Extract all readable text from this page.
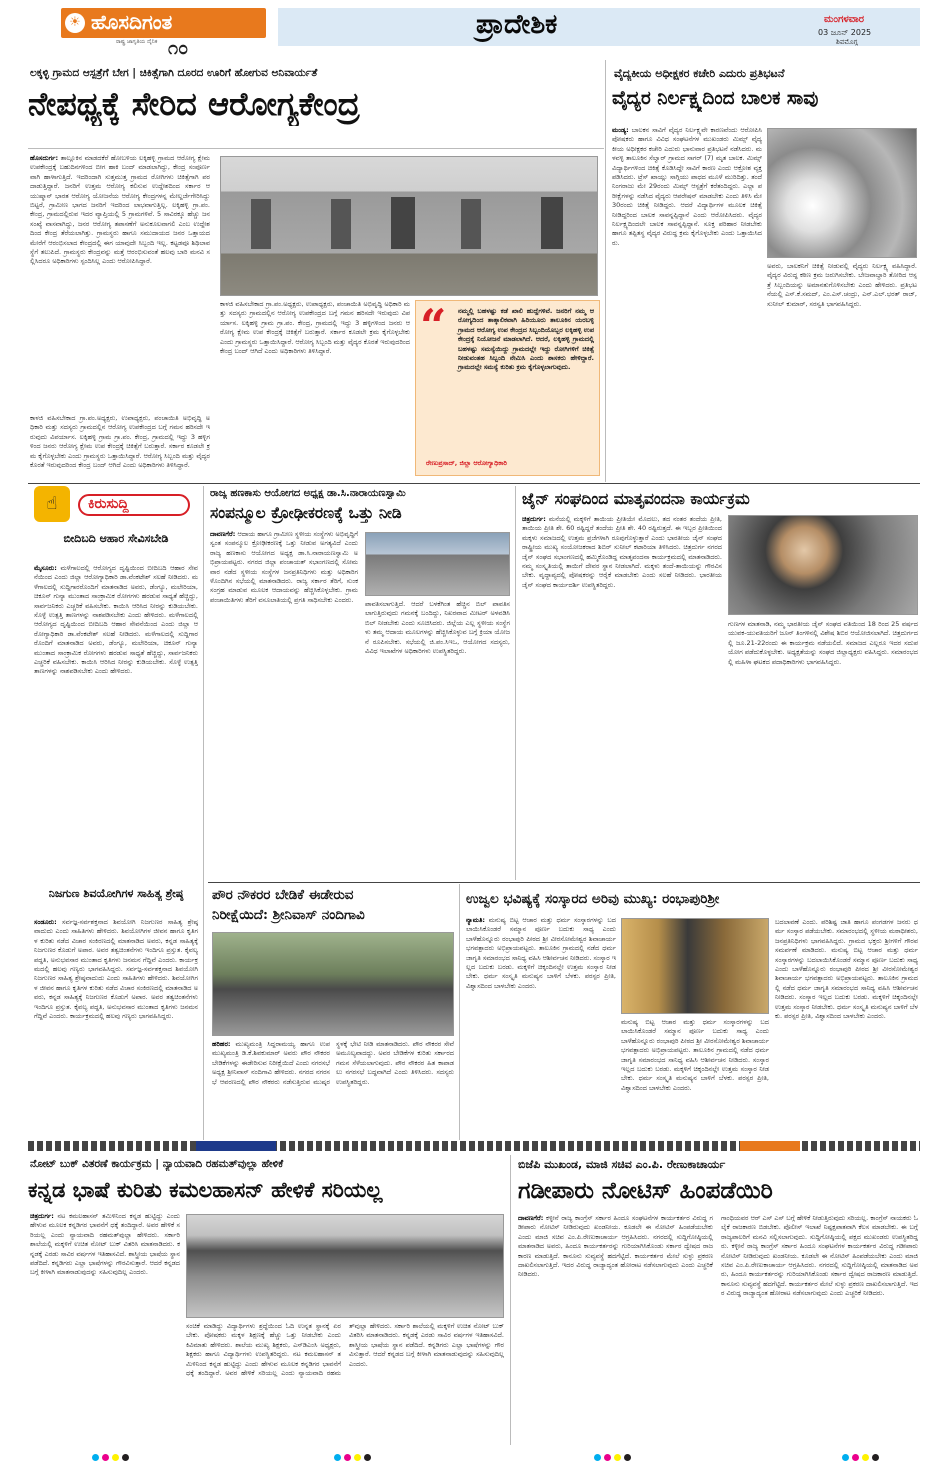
☀ ಹೊಸದಿಗಂತ
ರಾಷ್ಟ್ರ ಜಾಗೃತಿಯ ದೈನಿಕ ೧೦
ಪ್ರಾದೇಶಿಕ	ಮಂಗಳವಾರ
03 ಜೂನ್ 2025
ಶಿವಮೊಗ್ಗ
ಲಕ್ಕಳ್ಳಿ ಗ್ರಾಮದ ಆಸ್ಪತ್ರೆಗೆ ಬೇಗ | ಚಿಕಿತ್ಸೆಗಾಗಿ ದೂರದ ಊರಿಗೆ ಹೋಗುವ ಅನಿವಾರ್ಯತೆ
ನೇಪಥ್ಯಕ್ಕೆ ಸೇರಿದ ಆರೋಗ್ಯಕೇಂದ್ರ
ಹೊಸದುರ್ಗ: ತಾಲ್ಲೂಕಿನ ಮಾಡದಕೆರೆ ಹೋಬಳಿಯ ಲಕ್ಕಿಹಳ್ಳಿ ಗ್ರಾಮದ ಆರೋಗ್ಯ ಕ್ಷೇಮ ಉಪಕೇಂದ್ರಕ್ಕೆ ಬಹುದಿನಗಳಿಂದ ಬೀಗ ಹಾಕಿ ಬಂದ್ ಮಾಡಲಾಗಿದ್ದು, ಕೇಂದ್ರ ಸಂಪೂರ್ಣವಾಗಿ ಹಾಳಾಗುತ್ತಿದೆ. ಇದರಿಂದಾಗಿ ಸುತ್ತಮುತ್ತ ಗ್ರಾಮದ ರೋಗಿಗಳು ಚಿಕಿತ್ಸೆಗಾಗಿ ಪರದಾಡುತ್ತಿದ್ದಾರೆ. ಜನರಿಗೆ ಉತ್ತಮ ಆರೋಗ್ಯ ಕಲಿಸುವ ಉದ್ದೇಶದಿಂದ ಸರ್ಕಾರ ಆಯುಷ್ಮಾನ್ ಭಾರತ ಆರೋಗ್ಯ ಯೋಜನೆಯ ಆರೋಗ್ಯ ಕೇಂದ್ರಗಳನ್ನ ಮೇಲ್ದರ್ಜೆಗೇರಿಸಿದ್ದು ಬಿಟ್ಟರೆ, ಗ್ರಾಮೀಣ ಭಾಗದ ಜನರಿಗೆ ಇದರಿಂದ ಲಾಭವಾಗುತ್ತಿಲ್ಲ. ಲಕ್ಕಿಹಳ್ಳಿ ಗ್ರಾ.ಪಂ. ಕೇಂದ್ರ, ಗ್ರಾಮದಲ್ಲಿರುವ ಇದರ ವ್ಯಾಪ್ತಿಯಲ್ಲಿ 5 ಗ್ರಾಮಗಳಿವೆ. 5 ಸಾವಿರಕ್ಕೂ ಹೆಚ್ಚು ಜನಸಂಖ್ಯೆ ವಾಸವಾಗಿದ್ದು, ಜನರ ಆರೋಗ್ಯ ತಪಾಸಣೆಗೆ ಅನುಕೂಲವಾಗಲಿ ಎಂಬ ಉದ್ದೇಶದಿಂದ ಕೇಂದ್ರ ತೆರೆಯಲಾಗಿತ್ತು. ಗ್ರಾಮಸ್ಥರು ಹಾಗೂ ಸಮುದಾಯದ ಜನರ ಒತ್ತಾಯದ ಮೇರೆಗೆ ಆರಂಭಿಸಲಾದ ಕೇಂದ್ರದಲ್ಲಿ ಈಗ ಯಾವುದೇ ಸಿಬ್ಬಂದಿ ಇಲ್ಲ. ಕಟ್ಟಡವೂ ಶಿಥಿಲಾವಸ್ಥೆಗೆ ತಲುಪಿದೆ. ಗ್ರಾಮಸ್ಥರು ಕೇಂದ್ರವನ್ನು ಮತ್ತೆ ಆರಂಭಿಸುವಂತೆ ಹಲವು ಬಾರಿ ಮನವಿ ಸಲ್ಲಿಸಿದರೂ ಅಧಿಕಾರಿಗಳು ಸ್ಪಂದಿಸಿಲ್ಲ ಎಂದು ಆರೋಪಿಸಿದ್ದಾರೆ.
ಕಾಳಜಿ ವಹಿಸಬೇಕಾದ ಗ್ರಾ.ಪಂ.ಅಧ್ಯಕ್ಷರು, ಉಪಾಧ್ಯಕ್ಷರು, ಪಂಚಾಯಿತಿ ಅಭಿವೃದ್ಧಿ ಅಧಿಕಾರಿ ಮತ್ತು ಸದಸ್ಯರು ಗ್ರಾಮದಲ್ಲಿನ ಆರೋಗ್ಯ ಉಪಕೇಂದ್ರದ ಬಗ್ಗೆ ಗಮನ ಹರಿಸದೇ ಇರುವುದು ವಿಪರ್ಯಾಸ. ಲಕ್ಕಿಹಳ್ಳಿ ಗ್ರಾಮ ಗ್ರಾ.ಪಂ. ಕೇಂದ್ರ, ಗ್ರಾಮದಲ್ಲಿ ಇದ್ದು 3 ಹಳ್ಳಿಗಳಿಂದ ಜನರು ಆರೋಗ್ಯ ಕ್ಷೇಮ ಉಪ ಕೇಂದ್ರಕ್ಕೆ ಚಿಕಿತ್ಸೆಗೆ ಬರುತ್ತಾರೆ. ಸರ್ಕಾರ ಕೂಡಲೇ ಕ್ರಮ ಕೈಗೊಳ್ಳಬೇಕು ಎಂದು ಗ್ರಾಮಸ್ಥರು ಒತ್ತಾಯಿಸಿದ್ದಾರೆ. ಆರೋಗ್ಯ ಸಿಬ್ಬಂದಿ ಮತ್ತು ವೈದ್ಯರ ಕೊರತೆ ಇರುವುದರಿಂದ ಕೇಂದ್ರ ಬಂದ್ ಆಗಿದೆ ಎಂದು ಅಧಿಕಾರಿಗಳು ತಿಳಿಸಿದ್ದಾರೆ.	“	ನಮ್ಮಲ್ಲಿ ಬಹಳಷ್ಟು ಕಡೆ ಖಾಲಿ ಹುದ್ದೆಗಳಿವೆ. ಜನರಿಗೆ ನಮ್ಮ ಆರೋಗ್ಯದಿಂದ ತಾತ್ಕಾಲಿಕವಾಗಿ ಹಿರಿಯೂರು ತಾಲೂಕಿನ ಯರಬಳ್ಳಿ ಗ್ರಾಮದ ಆರೋಗ್ಯ ಉಪ ಕೇಂದ್ರದ ಸಿಬ್ಬಂದಿಯೊಬ್ಬರ ಲಕ್ಕಿಹಳ್ಳಿ ಉಪ ಕೇಂದ್ರಕ್ಕೆ ನಿಯೋಜನೆ ಮಾಡಲಾಗಿದೆ. ಆದರೆ, ಲಕ್ಕಿಹಳ್ಳಿ ಗ್ರಾಮದಲ್ಲಿ ಬಹಳಷ್ಟು ಸಮಸ್ಯೆಯಿದ್ದು ಗ್ರಾಮದಲ್ಲೇ ಇದ್ದು ರೋಗಿಗಳಿಗೆ ಚಿಕಿತ್ಸೆ ನೀಡುವಂತಹ ಸಿಬ್ಬಂದಿ ನೇಮಿಸಿ ಎಂದು ಶಾಸಕರು ಹೇಳಿದ್ದಾರೆ. ಗ್ರಾಮದಲ್ಲೇ ಸಮಸ್ಯೆ ಕುರಿತು ಕ್ರಮ ಕೈಗೊಳ್ಳಲಾಗುವುದು.
ರೇಣುಪ್ರಸಾದ್, ಜಿಲ್ಲಾ ಆರೋಗ್ಯಾಧಿಕಾರಿ
ಕಾಳಜಿ ವಹಿಸಬೇಕಾದ ಗ್ರಾ.ಪಂ.ಅಧ್ಯಕ್ಷರು, ಉಪಾಧ್ಯಕ್ಷರು, ಪಂಚಾಯಿತಿ ಅಭಿವೃದ್ಧಿ ಅಧಿಕಾರಿ ಮತ್ತು ಸದಸ್ಯರು ಗ್ರಾಮದಲ್ಲಿನ ಆರೋಗ್ಯ ಉಪಕೇಂದ್ರದ ಬಗ್ಗೆ ಗಮನ ಹರಿಸದೇ ಇರುವುದು ವಿಪರ್ಯಾಸ. ಲಕ್ಕಿಹಳ್ಳಿ ಗ್ರಾಮ ಗ್ರಾ.ಪಂ. ಕೇಂದ್ರ, ಗ್ರಾಮದಲ್ಲಿ ಇದ್ದು 3 ಹಳ್ಳಿಗಳಿಂದ ಜನರು ಆರೋಗ್ಯ ಕ್ಷೇಮ ಉಪ ಕೇಂದ್ರಕ್ಕೆ ಚಿಕಿತ್ಸೆಗೆ ಬರುತ್ತಾರೆ. ಸರ್ಕಾರ ಕೂಡಲೇ ಕ್ರಮ ಕೈಗೊಳ್ಳಬೇಕು ಎಂದು ಗ್ರಾಮಸ್ಥರು ಒತ್ತಾಯಿಸಿದ್ದಾರೆ. ಆರೋಗ್ಯ ಸಿಬ್ಬಂದಿ ಮತ್ತು ವೈದ್ಯರ ಕೊರತೆ ಇರುವುದರಿಂದ ಕೇಂದ್ರ ಬಂದ್ ಆಗಿದೆ ಎಂದು ಅಧಿಕಾರಿಗಳು ತಿಳಿಸಿದ್ದಾರೆ.
ವೈದ್ಯಕೀಯ ಅಧೀಕ್ಷಕರ ಕಚೇರಿ ಎದುರು ಪ್ರತಿಭಟನೆ
ವೈದ್ಯರ ನಿರ್ಲಕ್ಷ್ಯದಿಂದ ಬಾಲಕ ಸಾವು
ಮಂಡ್ಯ: ಬಾಲಕನ ಸಾವಿಗೆ ವೈದ್ಯರ ನಿರ್ಲಕ್ಷ್ಯವೇ ಕಾರಣವೆಂದು ಆರೋಪಿಸಿ ಪೋಷಕರು ಹಾಗೂ ವಿವಿಧ ಸಂಘಟನೆಗಳ ಮುಖಂಡರು ಮಿಮ್ಸ್ ವೈದ್ಯಕೀಯ ಅಧೀಕ್ಷಕರ ಕಚೇರಿ ಎದುರು ಭಾನುವಾರ ಪ್ರತಿಭಟನೆ ನಡೆಸಿದರು. ಮಳವಳ್ಳಿ ತಾಲೂಕಿನ ಸೆಲ್ವಾರ್ ಗ್ರಾಮದ ಸಾಗರ್ (7) ಮೃತ ಬಾಲಕ. ಮಿಮ್ಸ್ ವಿದ್ಯಾರ್ಥಿಗಳಿಂದ ಚಿಕಿತ್ಸೆ ಕೊಡಿಸಿದ್ದೇ ಸಾವಿಗೆ ಕಾರಣ ಎಂದು ಆಕ್ರೋಶ ವ್ಯಕ್ತಪಡಿಸಿದರು. ಟ್ರೆಸ್ ಖಾಯ್ಲು ಸಾಗ್ಗಿಯು ಪಾಧದ ಮೂಳೆ ಮುರಿದಿತ್ತು. ತಂದೆ ನಿಂಗರಾಜು ಮೇ 29ರಂದು ಮಿಮ್ಸ್ ಆಸ್ಪತ್ರೆಗೆ ಕರೆತಂದಿದ್ದರು. ಎಲ್ಲಾ ಪರೀಕ್ಷೆಗಳನ್ನು ನಡೆಸಿದ ವೈದ್ಯರು ಆಪರೇಷನ್ ಮಾಡಬೇಕು ಎಂದು ತಿಳಿಸಿ ಮೇ 30ರಂದು ಚಿಕಿತ್ಸೆ ನೀಡಿದ್ದರು. ಆದರೆ ವಿದ್ಯಾರ್ಥಿಗಳ ಮೂಲಕ ಚಿಕಿತ್ಸೆ ನೀಡಿದ್ದರಿಂದ ಬಾಲಕ ಸಾವನ್ನಪ್ಪಿದ್ದಾನೆ ಎಂದು ಆರೋಪಿಸಿದರು. ವೈದ್ಯರ ನಿರ್ಲಕ್ಷ್ಯದಿಂದಲೇ ಬಾಲಕ ಸಾವನ್ನಪ್ಪಿದ್ದಾನೆ. ಸೂಕ್ತ ಪರಿಹಾರ ನೀಡಬೇಕು ಹಾಗೂ ತಪ್ಪಿತಸ್ಥ ವೈದ್ಯರ ವಿರುದ್ಧ ಕ್ರಮ ಕೈಗೊಳ್ಳಬೇಕು ಎಂದು ಒತ್ತಾಯಿಸಿದರು.
ಅವರು, ಬಾಲಕನಿಗೆ ಚಿಕಿತ್ಸೆ ನೀಡುವಲ್ಲಿ ವೈದ್ಯರು ನಿರ್ಲಕ್ಷ್ಯ ವಹಿಸಿದ್ದಾರೆ. ವೈದ್ಯರ ವಿರುದ್ಧ ಕಠಿಣ ಕ್ರಮ ಜರುಗಿಸಬೇಕು. ಬೇಜವಾಬ್ದಾರಿ ತೋರಿದ ಆಸ್ಪತ್ರೆ ಸಿಬ್ಬಂದಿಯನ್ನು ಅಮಾನತುಗೊಳಿಸಬೇಕು ಎಂದು ಹೇಳಿದರು. ಪ್ರತಿಭಟನೆಯಲ್ಲಿ ಎಸ್.ಕೆ.ಸಮದ್, ಎಂ.ಎಸ್.ಚಂದ್ರು, ಎನ್.ಎಲ್.ಭರತ್ ರಾಜ್, ಸುನೀಲ್ ಕುಮಾರ್, ಸರಸ್ವತಿ ಭಾಗವಹಿಸಿದ್ದರು.
☝	ಕಿರುಸುದ್ದಿ
ಬೀದಿಬದಿ ಆಹಾರ ಸೇವಿಸಬೇಡಿ
ಮೈಸೂರು: ಮಳೆಗಾಲದಲ್ಲಿ ಆರೋಗ್ಯದ ದೃಷ್ಟಿಯಿಂದ ಬೀದಿಬದಿ ಆಹಾರ ಸೇವನೆಯಿಂದ ಎಂದು ಜಿಲ್ಲಾ ಆರೋಗ್ಯಾಧಿಕಾರಿ ಡಾ.ವೆಂಕಟೇಶ್ ಸಲಹೆ ನೀಡಿದರು. ಮಳೆಗಾಲದಲ್ಲಿ ಸುದ್ದಿಗಾರರೊಂದಿಗೆ ಮಾತನಾಡಿದ ಅವರು, ಡೆಂಗ್ಯೂ, ಮಲೇರಿಯಾ, ಚಿಕೂನ್ ಗುನ್ಯಾ ಮುಂತಾದ ಸಾಂಕ್ರಾಮಿಕ ರೋಗಗಳು ಹರಡುವ ಸಾಧ್ಯತೆ ಹೆಚ್ಚಿದ್ದು, ಸಾರ್ವಜನಿಕರು ಎಚ್ಚರಿಕೆ ವಹಿಸಬೇಕು. ಕಾಯಿಸಿ ಆರಿಸಿದ ನೀರನ್ನು ಕುಡಿಯಬೇಕು. ಸೊಳ್ಳೆ ಉತ್ಪತ್ತಿ ತಾಣಗಳನ್ನು ನಾಶಪಡಿಸಬೇಕು ಎಂದು ಹೇಳಿದರು. ಮಳೆಗಾಲದಲ್ಲಿ ಆರೋಗ್ಯದ ದೃಷ್ಟಿಯಿಂದ ಬೀದಿಬದಿ ಆಹಾರ ಸೇವನೆಯಿಂದ ಎಂದು ಜಿಲ್ಲಾ ಆರೋಗ್ಯಾಧಿಕಾರಿ ಡಾ.ವೆಂಕಟೇಶ್ ಸಲಹೆ ನೀಡಿದರು. ಮಳೆಗಾಲದಲ್ಲಿ ಸುದ್ದಿಗಾರರೊಂದಿಗೆ ಮಾತನಾಡಿದ ಅವರು, ಡೆಂಗ್ಯೂ, ಮಲೇರಿಯಾ, ಚಿಕೂನ್ ಗುನ್ಯಾ ಮುಂತಾದ ಸಾಂಕ್ರಾಮಿಕ ರೋಗಗಳು ಹರಡುವ ಸಾಧ್ಯತೆ ಹೆಚ್ಚಿದ್ದು, ಸಾರ್ವಜನಿಕರು ಎಚ್ಚರಿಕೆ ವಹಿಸಬೇಕು. ಕಾಯಿಸಿ ಆರಿಸಿದ ನೀರನ್ನು ಕುಡಿಯಬೇಕು. ಸೊಳ್ಳೆ ಉತ್ಪತ್ತಿ ತಾಣಗಳನ್ನು ನಾಶಪಡಿಸಬೇಕು ಎಂದು ಹೇಳಿದರು.
ನಿಜಗುಣ ಶಿವಯೋಗಿಗಳ ಸಾಹಿತ್ಯ ಶ್ರೇಷ್ಠ
ಸಂಡೂರು: ಸರ್ವಜ್ಞ-ಸರ್ವಶಕ್ತನಾದ ಶಿವಯೋಗಿ ನಿಜಗುಣರ ಸಾಹಿತ್ಯ ಶ್ರೇಷ್ಠವಾದುದು ಎಂದು ಸಾಹಿತಿಗಳು ಹೇಳಿದರು. ಶಿವಯೋಗಿಗಳ ಜೀವನ ಹಾಗೂ ಕೃತಿಗಳ ಕುರಿತು ನಡೆದ ವಿಚಾರ ಸಂಕಿರಣದಲ್ಲಿ ಮಾತನಾಡಿದ ಅವರು, ಕನ್ನಡ ಸಾಹಿತ್ಯಕ್ಕೆ ನಿಜಗುಣರ ಕೊಡುಗೆ ಅಪಾರ. ಅವರ ತತ್ವಚಿಂತನೆಗಳು ಇಂದಿಗೂ ಪ್ರಸ್ತುತ. ಕೈವಲ್ಯ ಪದ್ಧತಿ, ಅನುಭವಸಾರ ಮುಂತಾದ ಕೃತಿಗಳು ಜನಮನ ಗೆದ್ದಿವೆ ಎಂದರು. ಕಾರ್ಯಕ್ರಮದಲ್ಲಿ ಹಲವು ಗಣ್ಯರು ಭಾಗವಹಿಸಿದ್ದರು. ಸರ್ವಜ್ಞ-ಸರ್ವಶಕ್ತನಾದ ಶಿವಯೋಗಿ ನಿಜಗುಣರ ಸಾಹಿತ್ಯ ಶ್ರೇಷ್ಠವಾದುದು ಎಂದು ಸಾಹಿತಿಗಳು ಹೇಳಿದರು. ಶಿವಯೋಗಿಗಳ ಜೀವನ ಹಾಗೂ ಕೃತಿಗಳ ಕುರಿತು ನಡೆದ ವಿಚಾರ ಸಂಕಿರಣದಲ್ಲಿ ಮಾತನಾಡಿದ ಅವರು, ಕನ್ನಡ ಸಾಹಿತ್ಯಕ್ಕೆ ನಿಜಗುಣರ ಕೊಡುಗೆ ಅಪಾರ. ಅವರ ತತ್ವಚಿಂತನೆಗಳು ಇಂದಿಗೂ ಪ್ರಸ್ತುತ. ಕೈವಲ್ಯ ಪದ್ಧತಿ, ಅನುಭವಸಾರ ಮುಂತಾದ ಕೃತಿಗಳು ಜನಮನ ಗೆದ್ದಿವೆ ಎಂದರು. ಕಾರ್ಯಕ್ರಮದಲ್ಲಿ ಹಲವು ಗಣ್ಯರು ಭಾಗವಹಿಸಿದ್ದರು.
ರಾಜ್ಯ ಹಣಕಾಸು ಆಯೋಗದ ಅಧ್ಯಕ್ಷ ಡಾ.ಸಿ.ನಾರಾಯಣಸ್ವಾಮಿ
ಸಂಪನ್ಮೂಲ ಕ್ರೋಢೀಕರಣಕ್ಕೆ ಒತ್ತು ನೀಡಿ
ದಾವಣಗೆರೆ: ಆದಾಯ ಹಾಗೂ ಗ್ರಾಮೀಣ ಸ್ಥಳೀಯ ಸಂಸ್ಥೆಗಳು ಅಭಿವೃದ್ಧಿಗೆ ಸ್ವಂತ ಸಂಪನ್ಮೂಲ ಕ್ರೋಢೀಕರಣಕ್ಕೆ ಒತ್ತು ನೀಡುವ ಅಗತ್ಯವಿದೆ ಎಂದು ರಾಜ್ಯ ಹಣಕಾಸು ಆಯೋಗದ ಅಧ್ಯಕ್ಷ ಡಾ.ಸಿ.ನಾರಾಯಣಸ್ವಾಮಿ ಅಭಿಪ್ರಾಯಪಟ್ಟರು. ನಗರದ ಜಿಲ್ಲಾ ಪಂಚಾಯತ್ ಸಭಾಂಗಣದಲ್ಲಿ ಸೋಮವಾರ ನಡೆದ ಸ್ಥಳೀಯ ಸಂಸ್ಥೆಗಳ ಜನಪ್ರತಿನಿಧಿಗಳು ಮತ್ತು ಅಧಿಕಾರಿಗಳೊಂದಿಗಿನ ಸಭೆಯಲ್ಲಿ ಮಾತನಾಡಿದರು. ರಾಜ್ಯ ಸರ್ಕಾರ ತೆರಿಗೆ, ಸುಂಕ ಸಂಗ್ರಹ ಮಾಡುವ ಮೂಲಕ ಆದಾಯವನ್ನು ಹೆಚ್ಚಿಸಿಕೊಳ್ಳಬೇಕು. ಗ್ರಾಮ ಪಂಚಾಯಿತಿಗಳು ತೆರಿಗೆ ವಸೂಲಾತಿಯಲ್ಲಿ ಪ್ರಗತಿ ಸಾಧಿಸಬೇಕು ಎಂದರು.
ಪಾವತಿಸಲಾಗುತ್ತಿದೆ. ಆದರೆ ಬಳಕೆಗಿಂತ ಹೆಚ್ಚಿನ ಬಿಲ್ ಪಾವತಿಸಲಾಗುತ್ತಿರುವುದು ಗಮನಕ್ಕೆ ಬಂದಿದ್ದು, ನಿಖರವಾದ ಮೀಟರ್ ಅಳವಡಿಸಿ ಬಿಲ್ ನೀಡಬೇಕು ಎಂದು ಸೂಚಿಸಿದರು. ಜಿಲ್ಲೆಯ ಎಲ್ಲ ಸ್ಥಳೀಯ ಸಂಸ್ಥೆಗಳು ತಮ್ಮ ಆದಾಯ ಮೂಲಗಳನ್ನು ಹೆಚ್ಚಿಸಿಕೊಳ್ಳುವ ಬಗ್ಗೆ ಕ್ರಿಯಾ ಯೋಜನೆ ರೂಪಿಸಬೇಕು. ಸಭೆಯಲ್ಲಿ ಜಿ.ಪಂ.ಸಿಇಒ, ಆಯೋಗದ ಸದಸ್ಯರು, ವಿವಿಧ ಇಲಾಖೆಗಳ ಅಧಿಕಾರಿಗಳು ಉಪಸ್ಥಿತರಿದ್ದರು.
ಜೈನ್ ಸಂಘದಿಂದ ಮಾತೃವಂದನಾ ಕಾರ್ಯಕ್ರಮ
ಚಿತ್ರದುರ್ಗ: ಮನೆಯಲ್ಲಿ ಮಕ್ಕಳಿಗೆ ತಾಯಿಯ ಪ್ರೀತಿಯೇ ಮೊದಲು, ತದ ನಂತರ ತಂದೆಯ ಪ್ರೀತಿ, ತಾಯಿಯ ಪ್ರೀತಿ ಶೇ. 60 ರಷ್ಟಿದ್ದರೆ ತಂದೆಯ ಪ್ರೀತಿ ಶೇ. 40 ರಷ್ಟಿರುತ್ತದೆ. ಈ ಇಬ್ಬರ ಪ್ರೀತಿಯಿಂದ ಮಕ್ಕಳು ಸಮಾಜದಲ್ಲಿ ಉತ್ತಮ ಪ್ರಜೆಗಳಾಗಿ ರೂಪುಗೊಳ್ಳುತ್ತಾರೆ ಎಂದು ಭಾರತೀಯ ಜೈನ್ ಸಂಘದ ರಾಷ್ಟ್ರೀಯ ಮುಖ್ಯ ಸಂಯೋಜಕರಾದ ಶಿಬಿರ್ ಸುನೀಲ್ ಕಟಾರಿಯಾ ತಿಳಿಸಿದರು. ಚಿತ್ರದುರ್ಗ ನಗರದ ಜೈನ್ ಸಂಘದ ಸಭಾಂಗಣದಲ್ಲಿ ಹಮ್ಮಿಕೊಂಡಿದ್ದ ಮಾತೃವಂದನಾ ಕಾರ್ಯಕ್ರಮದಲ್ಲಿ ಮಾತನಾಡಿದರು. ನಮ್ಮ ಸಂಸ್ಕೃತಿಯಲ್ಲಿ ತಾಯಿಗೆ ದೇವರ ಸ್ಥಾನ ನೀಡಲಾಗಿದೆ. ಮಕ್ಕಳು ತಂದೆ-ತಾಯಿಯನ್ನು ಗೌರವಿಸಬೇಕು. ವೃದ್ಧಾಪ್ಯದಲ್ಲಿ ಪೋಷಕರನ್ನು ಆರೈಕೆ ಮಾಡಬೇಕು ಎಂದು ಸಲಹೆ ನೀಡಿದರು. ಭಾರತೀಯ ಜೈನ್ ಸಂಘದ ಕಾರ್ಯದರ್ಶಿ ಉಪಸ್ಥಿತರಿದ್ದರು.
ಗುಣಗಳ ಮಾತನಾಡಿ, ನಮ್ಮ ಭಾರತೀಯ ಜೈನ್ ಸಂಘದ ವತಿಯಿಂದ 18 ರಿಂದ 25 ವರ್ಷದ ಯುವಕ-ಯುವತಿಯರಿಗೆ ಜೂನ್ ತಿಂಗಳಿನಲ್ಲಿ ವಿಶೇಷ ಶಿಬಿರ ಆಯೋಜಿಸಲಾಗಿದೆ. ಚಿತ್ರದುರ್ಗದಲ್ಲಿ ಜೂ.21-22ರಂದು ಈ ಕಾರ್ಯಕ್ರಮ ನಡೆಯಲಿದೆ. ಸಮಾಜದ ಎಲ್ಲರೂ ಇದರ ಸದುಪಯೋಗ ಪಡೆದುಕೊಳ್ಳಬೇಕು. ಅಧ್ಯಕ್ಷತೆಯನ್ನು ಸಂಘದ ಜಿಲ್ಲಾಧ್ಯಕ್ಷರು ವಹಿಸಿದ್ದರು. ಸಮಾರಂಭದಲ್ಲಿ ಮಹಿಳಾ ಘಟಕದ ಪದಾಧಿಕಾರಿಗಳು ಭಾಗವಹಿಸಿದ್ದರು.
ಪೌರ ನೌಕರರ ಬೇಡಿಕೆ ಈಡೇರುವ
ನಿರೀಕ್ಷೆಯಿದೆ: ಶ್ರೀನಿವಾಸ್ ನಂದಿಗಾವಿ
ಹರಿಹರ: ಮುಖ್ಯಮಂತ್ರಿ ಸಿದ್ದರಾಮಯ್ಯ ಹಾಗೂ ಉಪ ಮುಖ್ಯಮಂತ್ರಿ ಡಿ.ಕೆ.ಶಿವಕುಮಾರ್ ಅವರು ಪೌರ ನೌಕರರ ಬೇಡಿಕೆಗಳನ್ನು ಈಡೇರಿಸುವ ನಿರೀಕ್ಷೆಯಿದೆ ಎಂದು ನಗರಸಭೆ ಅಧ್ಯಕ್ಷ ಶ್ರೀನಿವಾಸ್ ನಂದಿಗಾವಿ ಹೇಳಿದರು. ನಗರದ ನಗರಸಭೆ ಆವರಣದಲ್ಲಿ ಪೌರ ನೌಕರರು ನಡೆಸುತ್ತಿರುವ ಮುಷ್ಕರ ಸ್ಥಳಕ್ಕೆ ಭೇಟಿ ನೀಡಿ ಮಾತನಾಡಿದರು. ಪೌರ ನೌಕರರ ಸೇವೆ ಅಮೂಲ್ಯವಾದದ್ದು. ಅವರ ಬೇಡಿಕೆಗಳ ಕುರಿತು ಸರ್ಕಾರದ ಗಮನ ಸೆಳೆಯಲಾಗುವುದು. ಪೌರ ನೌಕರರ ಹಿತ ಕಾಪಾಡಲು ನಗರಸಭೆ ಬದ್ಧವಾಗಿದೆ ಎಂದು ತಿಳಿಸಿದರು. ಸದಸ್ಯರು ಉಪಸ್ಥಿತರಿದ್ದರು.
ಉಜ್ವಲ ಭವಿಷ್ಯಕ್ಕೆ ಸಂಸ್ಕಾರದ ಅರಿವು ಮುಖ್ಯ: ರಂಭಾಪುರಿಶ್ರೀ
ನ್ಯಾಮತಿ: ಮನುಷ್ಯ ಬಿಟ್ಟ ಆಚಾರ ಮತ್ತು ಧರ್ಮ ಸಂಸ್ಕಾರಗಳನ್ನು ಬದಲಾಯಿಸಿಕೊಂಡರೆ ಸಮ್ಮಾನ ಪೂರ್ಣ ಬದುಕು ಸಾಧ್ಯ ಎಂದು ಬಾಳೆಹೊನ್ನೂರು ರಂಭಾಪುರಿ ಪೀಠದ ಶ್ರೀ ವೀರಸೋಮೇಶ್ವರ ಶಿವಾಚಾರ್ಯ ಭಗವತ್ಪಾದರು ಅಭಿಪ್ರಾಯಪಟ್ಟರು. ತಾಲೂಕಿನ ಗ್ರಾಮದಲ್ಲಿ ನಡೆದ ಧರ್ಮ ಜಾಗೃತಿ ಸಮಾರಂಭದ ಸಾನಿಧ್ಯ ವಹಿಸಿ ಆಶೀರ್ವಚನ ನೀಡಿದರು. ಸಂಸ್ಕಾರ ಇಲ್ಲದ ಬದುಕು ಬರಡು. ಮಕ್ಕಳಿಗೆ ಚಿಕ್ಕಂದಿನಲ್ಲೇ ಉತ್ತಮ ಸಂಸ್ಕಾರ ನೀಡಬೇಕು. ಧರ್ಮ ಸಂಸ್ಕೃತಿ ಮನುಷ್ಯನ ಬಾಳಿಗೆ ಬೆಳಕು. ಪರಸ್ಪರ ಪ್ರೀತಿ, ವಿಶ್ವಾಸದಿಂದ ಬಾಳಬೇಕು ಎಂದರು.
ಮನುಷ್ಯ ಬಿಟ್ಟ ಆಚಾರ ಮತ್ತು ಧರ್ಮ ಸಂಸ್ಕಾರಗಳನ್ನು ಬದಲಾಯಿಸಿಕೊಂಡರೆ ಸಮ್ಮಾನ ಪೂರ್ಣ ಬದುಕು ಸಾಧ್ಯ ಎಂದು ಬಾಳೆಹೊನ್ನೂರು ರಂಭಾಪುರಿ ಪೀಠದ ಶ್ರೀ ವೀರಸೋಮೇಶ್ವರ ಶಿವಾಚಾರ್ಯ ಭಗವತ್ಪಾದರು ಅಭಿಪ್ರಾಯಪಟ್ಟರು. ತಾಲೂಕಿನ ಗ್ರಾಮದಲ್ಲಿ ನಡೆದ ಧರ್ಮ ಜಾಗೃತಿ ಸಮಾರಂಭದ ಸಾನಿಧ್ಯ ವಹಿಸಿ ಆಶೀರ್ವಚನ ನೀಡಿದರು. ಸಂಸ್ಕಾರ ಇಲ್ಲದ ಬದುಕು ಬರಡು. ಮಕ್ಕಳಿಗೆ ಚಿಕ್ಕಂದಿನಲ್ಲೇ ಉತ್ತಮ ಸಂಸ್ಕಾರ ನೀಡಬೇಕು. ಧರ್ಮ ಸಂಸ್ಕೃತಿ ಮನುಷ್ಯನ ಬಾಳಿಗೆ ಬೆಳಕು. ಪರಸ್ಪರ ಪ್ರೀತಿ, ವಿಶ್ವಾಸದಿಂದ ಬಾಳಬೇಕು ಎಂದರು.
ಬದಲಾವಣೆ ಎಂದು. ಪರಿಶಿಷ್ಟ ಜಾತಿ ಹಾಗೂ ಪಂಗಡಗಳ ಜನರು ಧರ್ಮ ಸಂಸ್ಕಾರ ಪಡೆಯಬೇಕು. ಸಮಾರಂಭದಲ್ಲಿ ಸ್ಥಳೀಯ ಮಠಾಧೀಶರು, ಜನಪ್ರತಿನಿಧಿಗಳು ಭಾಗವಹಿಸಿದ್ದರು. ಗ್ರಾಮದ ಭಕ್ತರು ಶ್ರೀಗಳಿಗೆ ಗೌರವ ಸಮರ್ಪಣೆ ಮಾಡಿದರು. ಮನುಷ್ಯ ಬಿಟ್ಟ ಆಚಾರ ಮತ್ತು ಧರ್ಮ ಸಂಸ್ಕಾರಗಳನ್ನು ಬದಲಾಯಿಸಿಕೊಂಡರೆ ಸಮ್ಮಾನ ಪೂರ್ಣ ಬದುಕು ಸಾಧ್ಯ ಎಂದು ಬಾಳೆಹೊನ್ನೂರು ರಂಭಾಪುರಿ ಪೀಠದ ಶ್ರೀ ವೀರಸೋಮೇಶ್ವರ ಶಿವಾಚಾರ್ಯ ಭಗವತ್ಪಾದರು ಅಭಿಪ್ರಾಯಪಟ್ಟರು. ತಾಲೂಕಿನ ಗ್ರಾಮದಲ್ಲಿ ನಡೆದ ಧರ್ಮ ಜಾಗೃತಿ ಸಮಾರಂಭದ ಸಾನಿಧ್ಯ ವಹಿಸಿ ಆಶೀರ್ವಚನ ನೀಡಿದರು. ಸಂಸ್ಕಾರ ಇಲ್ಲದ ಬದುಕು ಬರಡು. ಮಕ್ಕಳಿಗೆ ಚಿಕ್ಕಂದಿನಲ್ಲೇ ಉತ್ತಮ ಸಂಸ್ಕಾರ ನೀಡಬೇಕು. ಧರ್ಮ ಸಂಸ್ಕೃತಿ ಮನುಷ್ಯನ ಬಾಳಿಗೆ ಬೆಳಕು. ಪರಸ್ಪರ ಪ್ರೀತಿ, ವಿಶ್ವಾಸದಿಂದ ಬಾಳಬೇಕು ಎಂದರು.
ನೋಟ್ ಬುಕ್ ವಿತರಣೆ ಕಾರ್ಯಕ್ರಮ | ನ್ಯಾಯವಾದಿ ರಹಮತ್‌ವುಲ್ಲಾ ಹೇಳಿಕೆ
ಕನ್ನಡ ಭಾಷೆ ಕುರಿತು ಕಮಲಹಾಸನ್ ಹೇಳಿಕೆ ಸರಿಯಲ್ಲ
ಚಿತ್ರದುರ್ಗ: ನಟ ಕಮಲಹಾಸನ್ ತಮಿಳಿನಿಂದ ಕನ್ನಡ ಹುಟ್ಟಿದ್ದು ಎಂದು ಹೇಳುವ ಮೂಲಕ ಕನ್ನಡಿಗರ ಭಾವನೆಗೆ ಧಕ್ಕೆ ತಂದಿದ್ದಾರೆ. ಅವರ ಹೇಳಿಕೆ ಸರಿಯಲ್ಲ ಎಂದು ನ್ಯಾಯವಾದಿ ರಹಮತ್‌ವುಲ್ಲಾ ಹೇಳಿದರು. ಸರ್ಕಾರಿ ಶಾಲೆಯಲ್ಲಿ ಮಕ್ಕಳಿಗೆ ಉಚಿತ ನೋಟ್ ಬುಕ್ ವಿತರಿಸಿ ಮಾತನಾಡಿದರು. ಕನ್ನಡಕ್ಕೆ ಎರಡು ಸಾವಿರ ವರ್ಷಗಳ ಇತಿಹಾಸವಿದೆ. ಶಾಸ್ತ್ರೀಯ ಭಾಷೆಯ ಸ್ಥಾನ ಪಡೆದಿದೆ. ಕನ್ನಡಿಗರು ಎಲ್ಲಾ ಭಾಷೆಗಳನ್ನು ಗೌರವಿಸುತ್ತಾರೆ. ಆದರೆ ಕನ್ನಡದ ಬಗ್ಗೆ ಕೀಳಾಗಿ ಮಾತನಾಡುವುದನ್ನು ಸಹಿಸುವುದಿಲ್ಲ ಎಂದರು.
ಸಂಚಿಕೆ ಮಾಡಿದ್ದು ವಿದ್ಯಾರ್ಥಿಗಳು ಶ್ರದ್ಧೆಯಿಂದ ಓದಿ ಉನ್ನತ ಸ್ಥಾನಕ್ಕೆ ಏರಬೇಕು. ಪೋಷಕರು ಮಕ್ಕಳ ಶಿಕ್ಷಣಕ್ಕೆ ಹೆಚ್ಚು ಒತ್ತು ನೀಡಬೇಕು ಎಂದು ಕಿವಿಮಾತು ಹೇಳಿದರು. ಶಾಲೆಯ ಮುಖ್ಯ ಶಿಕ್ಷಕರು, ಎಸ್‌ಡಿಎಂಸಿ ಅಧ್ಯಕ್ಷರು, ಶಿಕ್ಷಕರು ಹಾಗೂ ವಿದ್ಯಾರ್ಥಿಗಳು ಉಪಸ್ಥಿತರಿದ್ದರು. ನಟ ಕಮಲಹಾಸನ್ ತಮಿಳಿನಿಂದ ಕನ್ನಡ ಹುಟ್ಟಿದ್ದು ಎಂದು ಹೇಳುವ ಮೂಲಕ ಕನ್ನಡಿಗರ ಭಾವನೆಗೆ ಧಕ್ಕೆ ತಂದಿದ್ದಾರೆ. ಅವರ ಹೇಳಿಕೆ ಸರಿಯಲ್ಲ ಎಂದು ನ್ಯಾಯವಾದಿ ರಹಮತ್‌ವುಲ್ಲಾ ಹೇಳಿದರು. ಸರ್ಕಾರಿ ಶಾಲೆಯಲ್ಲಿ ಮಕ್ಕಳಿಗೆ ಉಚಿತ ನೋಟ್ ಬುಕ್ ವಿತರಿಸಿ ಮಾತನಾಡಿದರು. ಕನ್ನಡಕ್ಕೆ ಎರಡು ಸಾವಿರ ವರ್ಷಗಳ ಇತಿಹಾಸವಿದೆ. ಶಾಸ್ತ್ರೀಯ ಭಾಷೆಯ ಸ್ಥಾನ ಪಡೆದಿದೆ. ಕನ್ನಡಿಗರು ಎಲ್ಲಾ ಭಾಷೆಗಳನ್ನು ಗೌರವಿಸುತ್ತಾರೆ. ಆದರೆ ಕನ್ನಡದ ಬಗ್ಗೆ ಕೀಳಾಗಿ ಮಾತನಾಡುವುದನ್ನು ಸಹಿಸುವುದಿಲ್ಲ ಎಂದರು.
ಬಿಜೆಪಿ ಮುಖಂಡ, ಮಾಜಿ ಸಚಿವ ಎಂ.ಪಿ. ರೇಣುಕಾಚಾರ್ಯ
ಗಡೀಪಾರು ನೋಟಿಸ್ ಹಿಂಪಡೆಯಿರಿ
ದಾವಣಗೆರೆ: ಕಳ್ಳೀನೆ ರಾಜ್ಯ ಕಾಂಗ್ರೆಸ್ ಸರ್ಕಾರ ಹಿಂದೂ ಸಂಘಟನೆಗಳ ಕಾರ್ಯಕರ್ತರ ವಿರುದ್ಧ ಗಡೀಪಾರು ನೋಟಿಸ್ ನೀಡಿರುವುದು ಖಂಡನೀಯ. ಕೂಡಲೇ ಈ ನೋಟಿಸ್ ಹಿಂಪಡೆಯಬೇಕು ಎಂದು ಮಾಜಿ ಸಚಿವ ಎಂ.ಪಿ.ರೇಣುಕಾಚಾರ್ಯ ಆಗ್ರಹಿಸಿದರು. ನಗರದಲ್ಲಿ ಸುದ್ದಿಗೋಷ್ಠಿಯಲ್ಲಿ ಮಾತನಾಡಿದ ಅವರು, ಹಿಂದೂ ಕಾರ್ಯಕರ್ತರನ್ನು ಗುರಿಯಾಗಿಸಿಕೊಂಡು ಸರ್ಕಾರ ದ್ವೇಷದ ರಾಜಕಾರಣ ಮಾಡುತ್ತಿದೆ. ಕಾನೂನು ಸುವ್ಯವಸ್ಥೆ ಹದಗೆಟ್ಟಿದೆ. ಕಾರ್ಯಕರ್ತರ ಮೇಲೆ ಸುಳ್ಳು ಪ್ರಕರಣ ದಾಖಲಿಸಲಾಗುತ್ತಿದೆ. ಇದರ ವಿರುದ್ಧ ರಾಜ್ಯಾದ್ಯಂತ ಹೋರಾಟ ನಡೆಸಲಾಗುವುದು ಎಂದು ಎಚ್ಚರಿಕೆ ನೀಡಿದರು.
ಗಾಂಧಿಯವರ ಆರ್ ಎಸ್ ಎಸ್ ಬಗ್ಗೆ ಹೇಳಿಕೆ ನೀಡುತ್ತಿರುವುದು ಸರಿಯಲ್ಲ. ಕಾಂಗ್ರೆಸ್ ನಾಯಕರು ಓಲೈಕೆ ರಾಜಕಾರಣ ಬಿಡಬೇಕು. ಪೊಲೀಸ್ ಇಲಾಖೆ ನಿಷ್ಪಕ್ಷಪಾತವಾಗಿ ಕೆಲಸ ಮಾಡಬೇಕು. ಈ ಬಗ್ಗೆ ರಾಜ್ಯಪಾಲರಿಗೆ ಮನವಿ ಸಲ್ಲಿಸಲಾಗುವುದು. ಸುದ್ದಿಗೋಷ್ಠಿಯಲ್ಲಿ ಪಕ್ಷದ ಮುಖಂಡರು ಉಪಸ್ಥಿತರಿದ್ದರು. ಕಳ್ಳೀನೆ ರಾಜ್ಯ ಕಾಂಗ್ರೆಸ್ ಸರ್ಕಾರ ಹಿಂದೂ ಸಂಘಟನೆಗಳ ಕಾರ್ಯಕರ್ತರ ವಿರುದ್ಧ ಗಡೀಪಾರು ನೋಟಿಸ್ ನೀಡಿರುವುದು ಖಂಡನೀಯ. ಕೂಡಲೇ ಈ ನೋಟಿಸ್ ಹಿಂಪಡೆಯಬೇಕು ಎಂದು ಮಾಜಿ ಸಚಿವ ಎಂ.ಪಿ.ರೇಣುಕಾಚಾರ್ಯ ಆಗ್ರಹಿಸಿದರು. ನಗರದಲ್ಲಿ ಸುದ್ದಿಗೋಷ್ಠಿಯಲ್ಲಿ ಮಾತನಾಡಿದ ಅವರು, ಹಿಂದೂ ಕಾರ್ಯಕರ್ತರನ್ನು ಗುರಿಯಾಗಿಸಿಕೊಂಡು ಸರ್ಕಾರ ದ್ವೇಷದ ರಾಜಕಾರಣ ಮಾಡುತ್ತಿದೆ. ಕಾನೂನು ಸುವ್ಯವಸ್ಥೆ ಹದಗೆಟ್ಟಿದೆ. ಕಾರ್ಯಕರ್ತರ ಮೇಲೆ ಸುಳ್ಳು ಪ್ರಕರಣ ದಾಖಲಿಸಲಾಗುತ್ತಿದೆ. ಇದರ ವಿರುದ್ಧ ರಾಜ್ಯಾದ್ಯಂತ ಹೋರಾಟ ನಡೆಸಲಾಗುವುದು ಎಂದು ಎಚ್ಚರಿಕೆ ನೀಡಿದರು.
